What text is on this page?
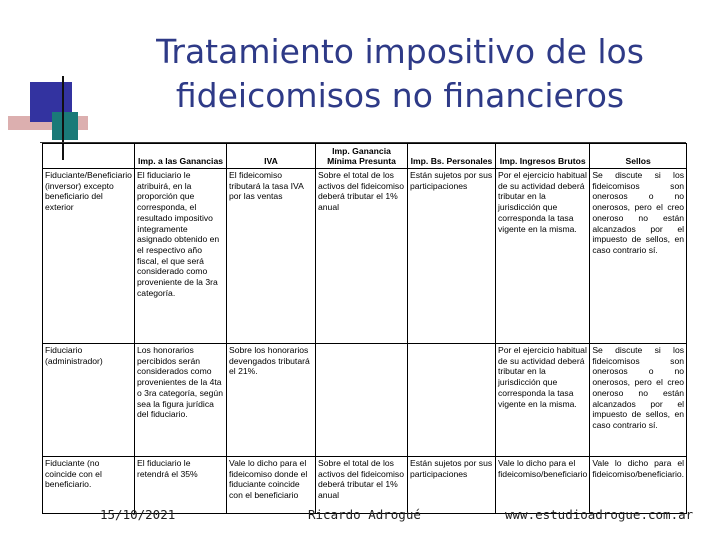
Tratamiento impositivo de los
fideicomisos no financieros
	Imp. a las Ganancias	IVA	Imp. Ganancia Mínima Presunta	Imp. Bs. Personales	Imp. Ingresos Brutos	Sellos
Fiduciante/Beneficiario (inversor) excepto beneficiario del exterior	El fiduciario le atribuirá, en la proporción que corresponda, el resultado impositivo íntegramente asignado obtenido en el respectivo año fiscal, el que será considerado como proveniente de la 3ra categoría.	El fideicomiso tributará la tasa IVA por las ventas	Sobre el total de los activos del fideicomiso deberá tributar el 1% anual	Están sujetos por sus participaciones	Por el ejercicio habitual de su actividad deberá tributar en la jurisdicción que corresponda la tasa vigente en la misma.	Se discute si los fideicomisos son onerosos o no onerosos, pero el creo oneroso no están alcanzados por el impuesto de sellos, en caso contrario sí.
Fiduciario (administrador)	Los honorarios percibidos serán considerados como provenientes de la 4ta o 3ra categoría, según sea la figura jurídica del fiduciario.	Sobre los honorarios devengados tributará el 21%.			Por el ejercicio habitual de su actividad deberá tributar en la jurisdicción que corresponda la tasa vigente en la misma.	Se discute si los fideicomisos son onerosos o no onerosos, pero el creo oneroso no están alcanzados por el impuesto de sellos, en caso contrario sí.
Fiduciante (no coincide con el beneficiario.	El fiduciario le retendrá el 35%	Vale lo dicho para el fideicomiso donde el fiduciante coincide con el beneficiario	Sobre el total de los activos del fideicomiso deberá tributar el 1% anual	Están sujetos por sus participaciones	Vale lo dicho para el fideicomiso/beneficiario	Vale lo dicho para el fideicomiso/beneficiario.
15/10/2021	Ricardo Adrogué	www.estudioadrogue.com.ar
